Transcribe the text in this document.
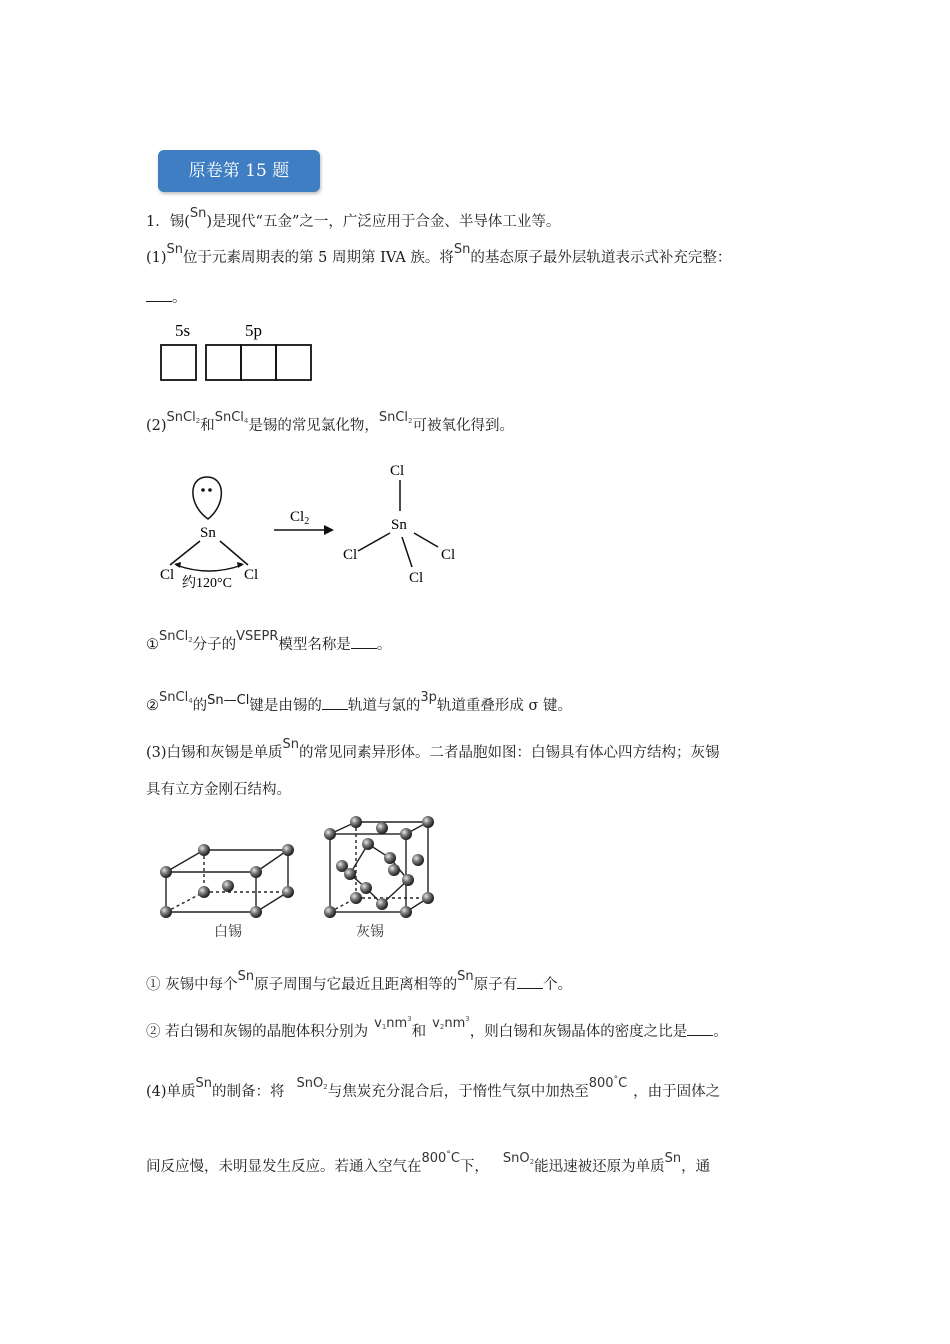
原卷第 15 题
1．锡(Sn)是现代“五金”之一，广泛应用于合金、半导体工业等。
(1)Sn位于元素周期表的第 5 周期第 IVA 族。将Sn的基态原子最外层轨道表示式补充完整：
。
5s	5p
(2)SnCl2和SnCl4是锡的常见氯化物，SnCl2可被氧化得到。
Sn
Cl	Cl
约120°C
$Cl_2$
Cl
Sn
Cl	Cl
Cl
①SnCl2分子的VSEPR模型名称是 。
②SnCl4的Sn—Cl键是由锡的 轨道与氯的3p轨道重叠形成 σ 键。
(3)白锡和灰锡是单质Sn的常见同素异形体。二者晶胞如图：白锡具有体心四方结构；灰锡
具有立方金刚石结构。
白锡	灰锡
① 灰锡中每个Sn原子周围与它最近且距离相等的Sn原子有 个。
② 若白锡和灰锡的晶胞体积分别为$v1nm^3$和$v2nm^3$，则白锡和灰锡晶体的密度之比是 。
(4)单质Sn的制备：将SnO2与焦炭充分混合后，于惰性气氛中加热至800°C，由于固体之
间反应慢，未明显发生反应。若通入空气在800°C下，SnO2能迅速被还原为单质Sn，通
